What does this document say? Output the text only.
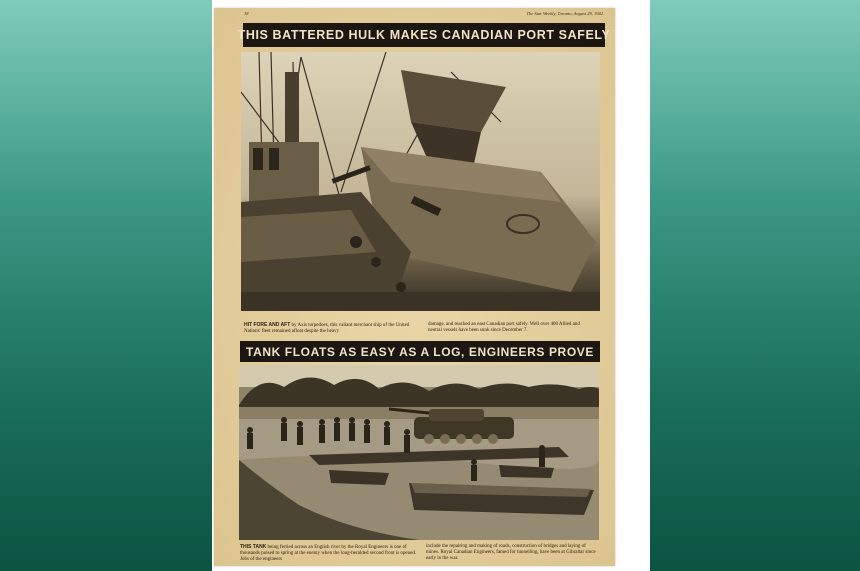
18	The Star Weekly, Toronto, August 29, 1942
THIS BATTERED HULK MAKES CANADIAN PORT SAFELY

HIT FORE AND AFT by Axis torpedoes, this valiant merchant ship of the United Nations' fleet remained afloat despite the heavy

damage, and reached an east Canadian port safely. Well over 400 Allied and neutral vessels have been sunk since December 7.

TANK FLOATS AS EASY AS A LOG, ENGINEERS PROVE

THIS TANK being ferried across an English river by the Royal Engineers is one of thousands poised to spring at the enemy when the long-heralded second front is opened. Jobs of the engineers

include the repairing and making of roads, construction of bridges and laying of mines. Royal Canadian Engineers, famed for tunnelling, have been at Gibraltar since early in the war.
